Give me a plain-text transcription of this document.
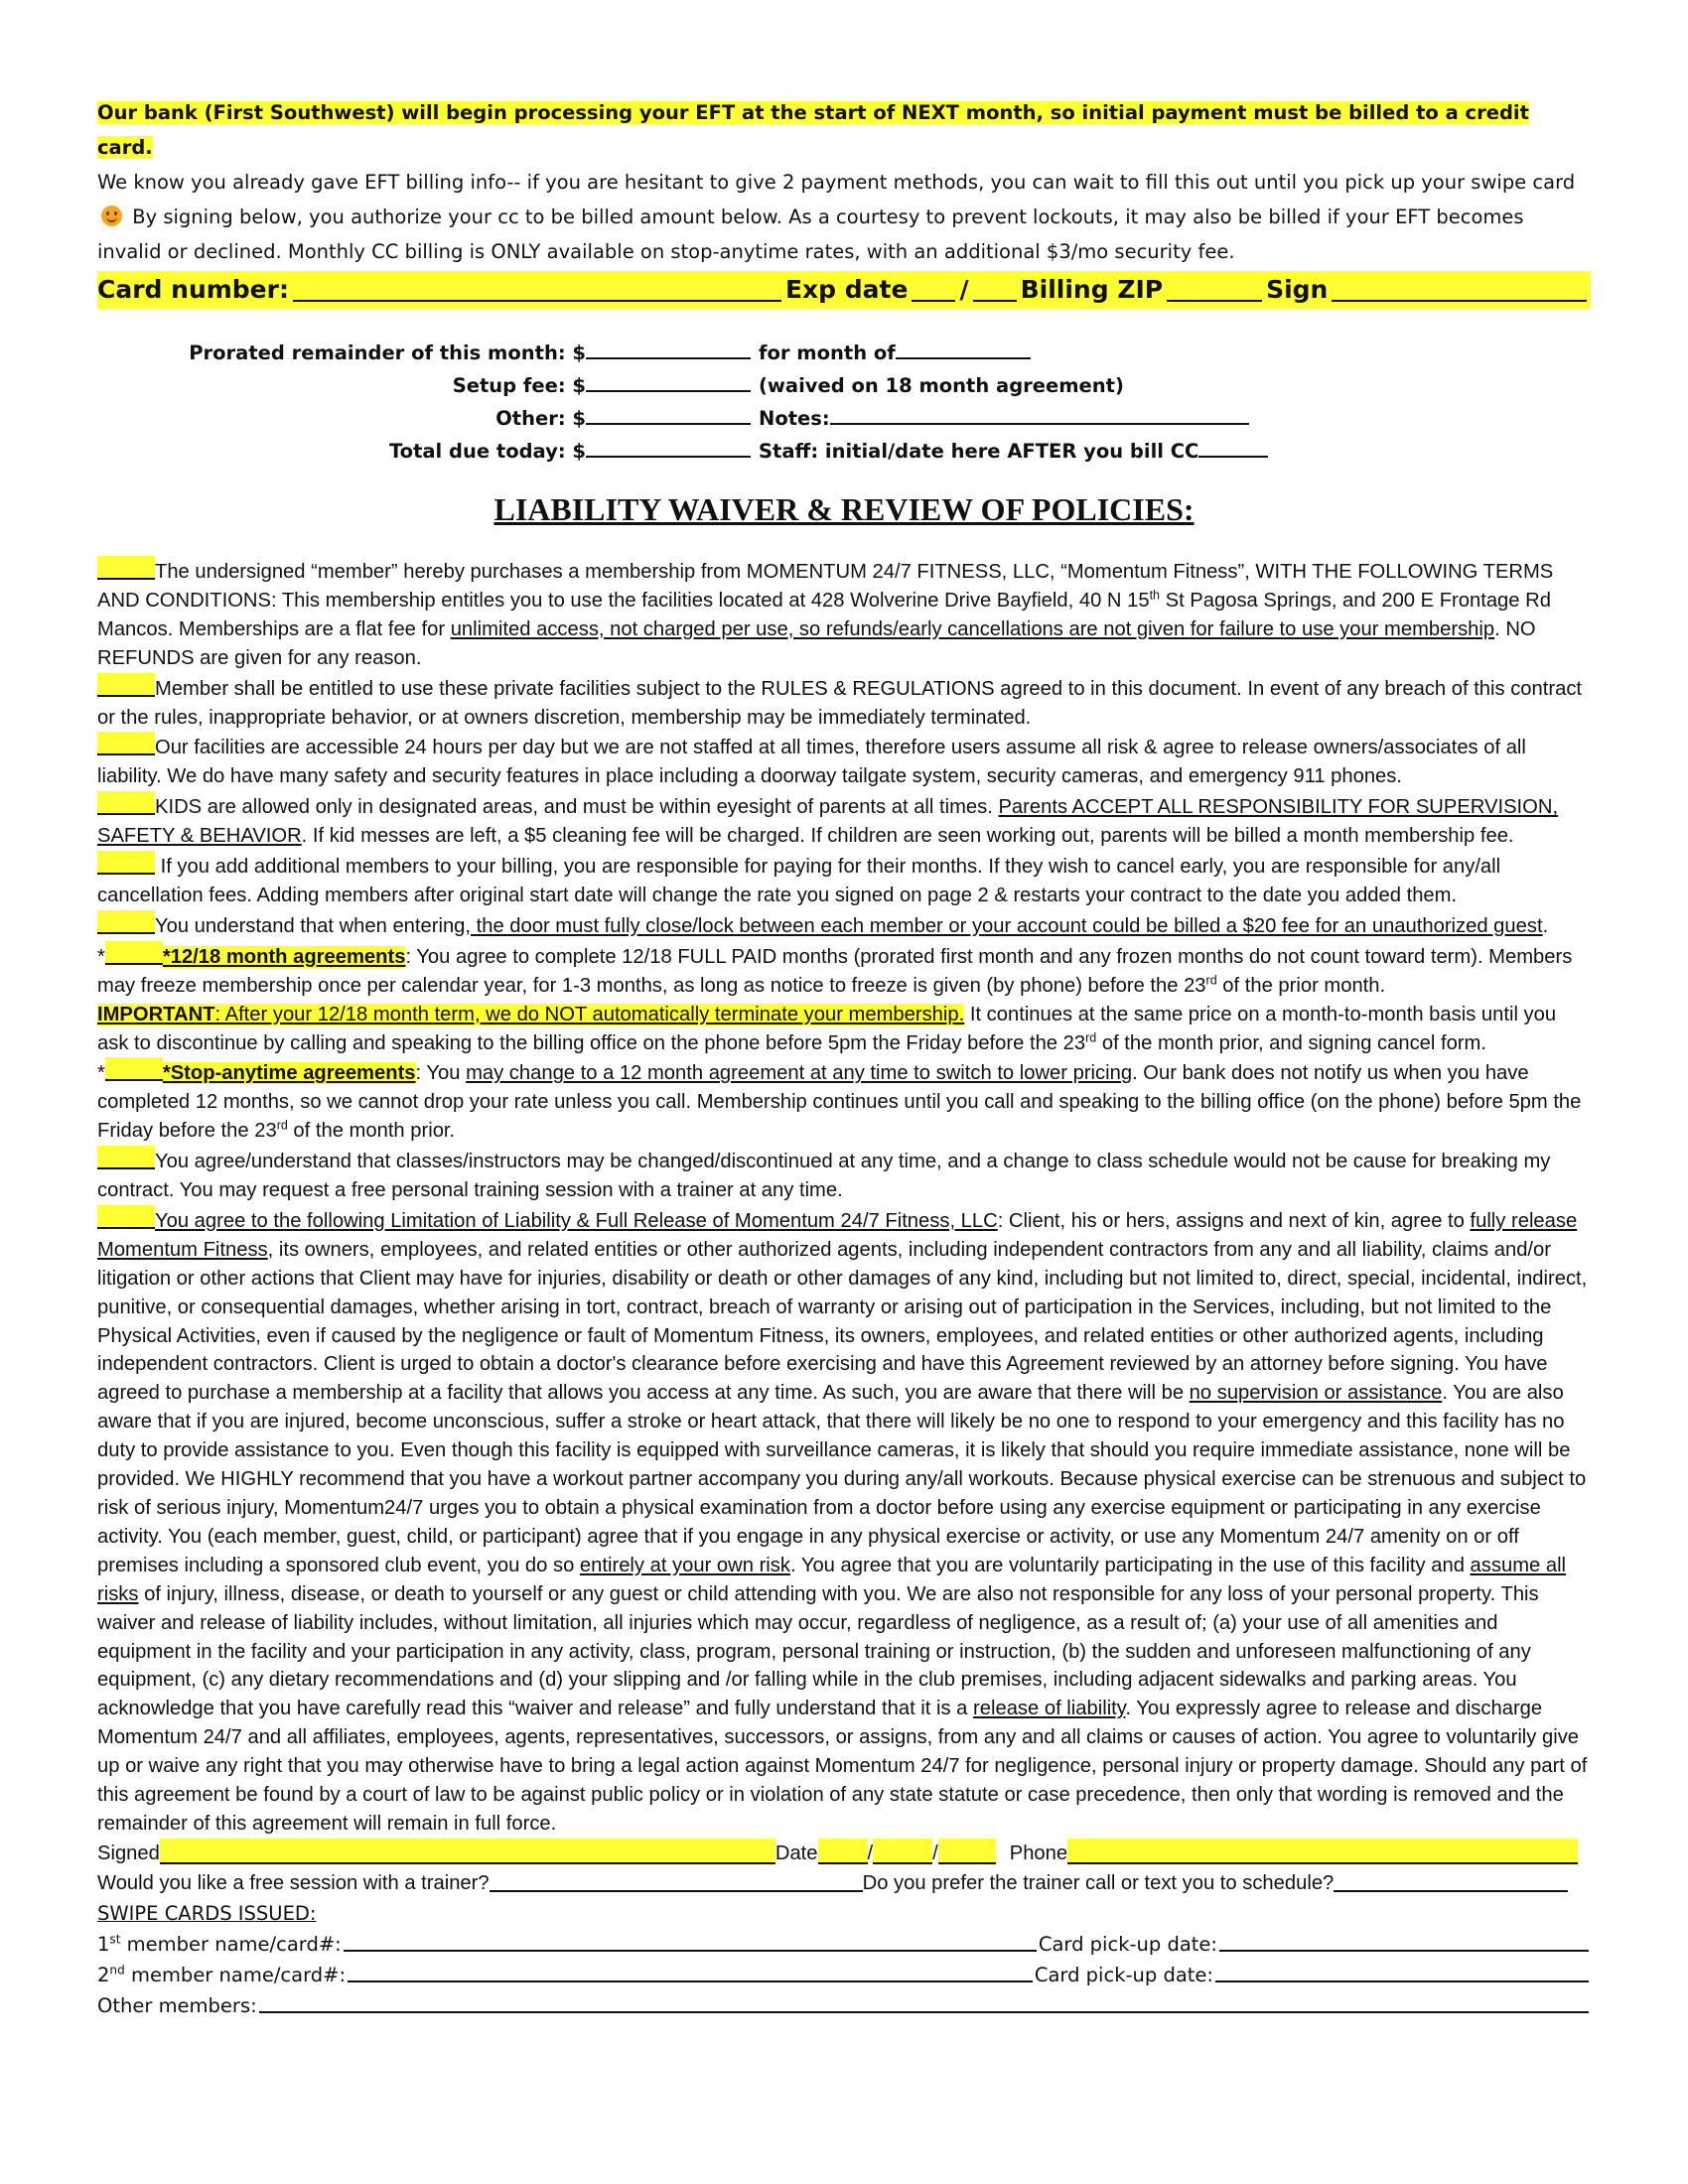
Our bank (First Southwest) will begin processing your EFT at the start of NEXT month, so initial payment must be billed to a credit card.

We know you already gave EFT billing info-- if you are hesitant to give 2 payment methods, you can wait to fill this out until you pick up your swipe card By signing below, you authorize your cc to be billed amount below. As a courtesy to prevent lockouts, it may also be billed if your EFT becomes invalid or declined. Monthly CC billing is ONLY available on stop-anytime rates, with an additional $3/mo security fee.

Card number:	Exp date / Billing ZIP	Sign
Prorated remainder of this month: $	for month of
Setup fee: $	(waived on 18 month agreement)
Other: $	Notes:
Total due today: $	Staff: initial/date here AFTER you bill CC
LIABILITY WAIVER & REVIEW OF POLICIES:

The undersigned “member” hereby purchases a membership from MOMENTUM 24/7 FITNESS, LLC, “Momentum Fitness”, WITH THE FOLLOWING TERMS AND CONDITIONS: This membership entitles you to use the facilities located at 428 Wolverine Drive Bayfield, 40 N 15th St Pagosa Springs, and 200 E Frontage Rd Mancos. Memberships are a flat fee for unlimited access, not charged per use, so refunds/early cancellations are not given for failure to use your membership. NO REFUNDS are given for any reason.

Member shall be entitled to use these private facilities subject to the RULES & REGULATIONS agreed to in this document. In event of any breach of this contract or the rules, inappropriate behavior, or at owners discretion, membership may be immediately terminated.

Our facilities are accessible 24 hours per day but we are not staffed at all times, therefore users assume all risk & agree to release owners/associates of all liability. We do have many safety and security features in place including a doorway tailgate system, security cameras, and emergency 911 phones.

KIDS are allowed only in designated areas, and must be within eyesight of parents at all times. Parents ACCEPT ALL RESPONSIBILITY FOR SUPERVISION, SAFETY & BEHAVIOR. If kid messes are left, a $5 cleaning fee will be charged. If children are seen working out, parents will be billed a month membership fee.

If you add additional members to your billing, you are responsible for paying for their months. If they wish to cancel early, you are responsible for any/all cancellation fees. Adding members after original start date will change the rate you signed on page 2 & restarts your contract to the date you added them.

You understand that when entering, the door must fully close/lock between each member or your account could be billed a $20 fee for an unauthorized guest.

*	*12/18 month agreements: You agree to complete 12/18 FULL PAID months (prorated first month and any frozen months do not count toward term). Members may freeze membership once per calendar year, for 1-3 months, as long as notice to freeze is given (by phone) before the 23rd of the prior month.

IMPORTANT: After your 12/18 month term, we do NOT automatically terminate your membership. It continues at the same price on a month-to-month basis until you ask to discontinue by calling and speaking to the billing office on the phone before 5pm the Friday before the 23rd of the month prior, and signing cancel form.

*	*Stop-anytime agreements: You may change to a 12 month agreement at any time to switch to lower pricing. Our bank does not notify us when you have completed 12 months, so we cannot drop your rate unless you call. Membership continues until you call and speaking to the billing office (on the phone) before 5pm the Friday before the 23rd of the month prior.

You agree/understand that classes/instructors may be changed/discontinued at any time, and a change to class schedule would not be cause for breaking my contract. You may request a free personal training session with a trainer at any time.

You agree to the following Limitation of Liability & Full Release of Momentum 24/7 Fitness, LLC: Client, his or hers, assigns and next of kin, agree to fully release Momentum Fitness, its owners, employees, and related entities or other authorized agents, including independent contractors from any and all liability, claims and/or litigation or other actions that Client may have for injuries, disability or death or other damages of any kind, including but not limited to, direct, special, incidental, indirect, punitive, or consequential damages, whether arising in tort, contract, breach of warranty or arising out of participation in the Services, including, but not limited to the Physical Activities, even if caused by the negligence or fault of Momentum Fitness, its owners, employees, and related entities or other authorized agents, including independent contractors. Client is urged to obtain a doctor's clearance before exercising and have this Agreement reviewed by an attorney before signing. You have agreed to purchase a membership at a facility that allows you access at any time. As such, you are aware that there will be no supervision or assistance. You are also aware that if you are injured, become unconscious, suffer a stroke or heart attack, that there will likely be no one to respond to your emergency and this facility has no duty to provide assistance to you. Even though this facility is equipped with surveillance cameras, it is likely that should you require immediate assistance, none will be provided. We HIGHLY recommend that you have a workout partner accompany you during any/all workouts. Because physical exercise can be strenuous and subject to risk of serious injury, Momentum24/7 urges you to obtain a physical examination from a doctor before using any exercise equipment or participating in any exercise activity. You (each member, guest, child, or participant) agree that if you engage in any physical exercise or activity, or use any Momentum 24/7 amenity on or off premises including a sponsored club event, you do so entirely at your own risk. You agree that you are voluntarily participating in the use of this facility and assume all risks of injury, illness, disease, or death to yourself or any guest or child attending with you. We are also not responsible for any loss of your personal property. This waiver and release of liability includes, without limitation, all injuries which may occur, regardless of negligence, as a result of; (a) your use of all amenities and equipment in the facility and your participation in any activity, class, program, personal training or instruction, (b) the sudden and unforeseen malfunctioning of any equipment, (c) any dietary recommendations and (d) your slipping and /or falling while in the club premises, including adjacent sidewalks and parking areas. You acknowledge that you have carefully read this “waiver and release” and fully understand that it is a release of liability. You expressly agree to release and discharge Momentum 24/7 and all affiliates, employees, agents, representatives, successors, or assigns, from any and all claims or causes of action. You agree to voluntarily give up or waive any right that you may otherwise have to bring a legal action against Momentum 24/7 for negligence, personal injury or property damage. Should any part of this agreement be found by a court of law to be against public policy or in violation of any state statute or case precedence, then only that wording is removed and the remainder of this agreement will remain in full force.

Signed	Date /	/	Phone
Would you like a free session with a trainer?	Do you prefer the trainer call or text you to schedule?
SWIPE CARDS ISSUED:
1st member name/card#:	Card pick-up date:
2nd member name/card#:	Card pick-up date:
Other members:
